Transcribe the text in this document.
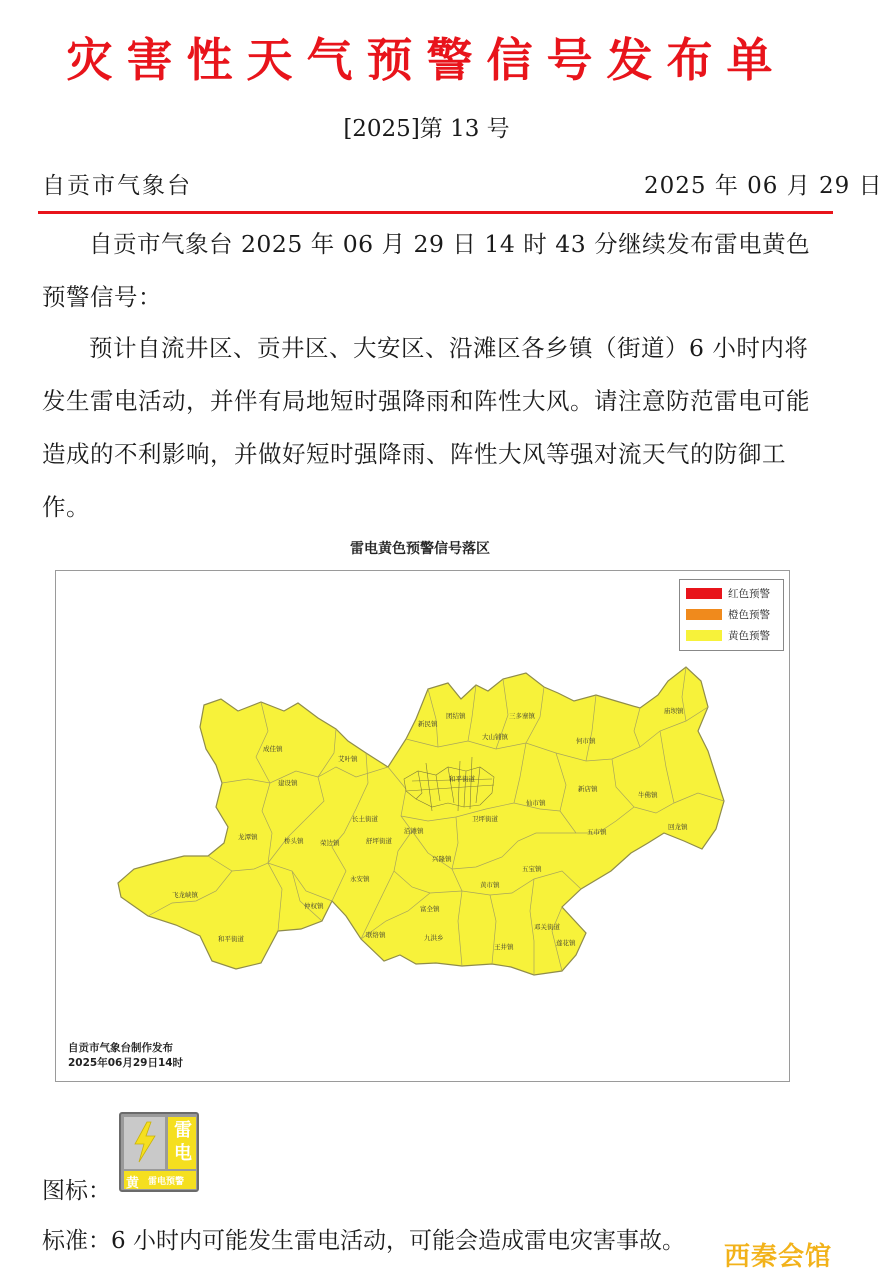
灾害性天气预警信号发布单
[2025]第 13 号
自贡市气象台	2025 年 06 月 29 日

自贡市气象台 2025 年 06 月 29 日 14 时 43 分继续发布雷电黄色预警信号：

预计自流井区、贡井区、大安区、沿滩区各乡镇（街道）6 小时内将发生雷电活动，并伴有局地短时强降雨和阵性大风。请注意防范雷电可能造成的不利影响，并做好短时强降雨、阵性大风等强对流天气的防御工作。

雷电黄色预警信号落区
庙坝镇
三多寨镇
团结镇
新民镇
大山铺镇	何市镇
成佳镇
艾叶镇
建设镇
牛佛镇
新店镇
仙市镇
卫坪街道
五市镇
长土街道
龙潭镇	桥头镇	舒坪街道
荣边镇
回龙镇
沿滩镇
兴隆镇
黄市镇
五宝镇
飞龙峡镇
仲权镇
永安镇
富全镇
联络镇	九洪乡
王井镇
邓关街道
莲花镇
和平街道
和平街道
红色预警
橙色预警
黄色预警
自贡市气象台制作发布
2025年06月29日14时
图标：
雷
电
黄 雷电预警
标准：6 小时内可能发生雷电活动，可能会造成雷电灾害事故。
西秦会馆
